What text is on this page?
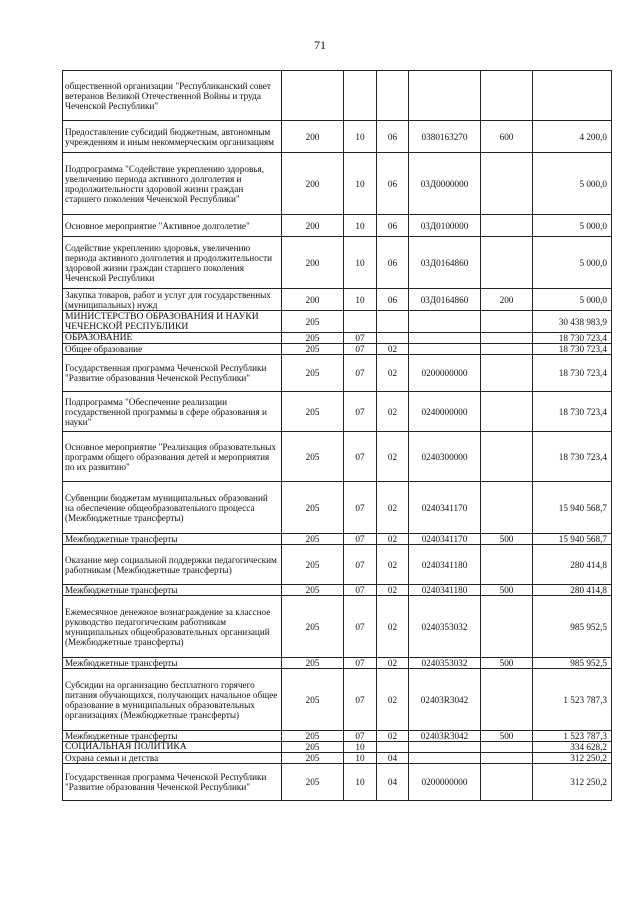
71
общественной организации "Республиканский совет ветеранов Великой Отечественной Войны и труда Чеченской Республики"						
Предоставление субсидий бюджетным, автономным учреждениям и иным некоммерческим организациям	200	10	06	0380163270	600	4 200,0
Подпрограмма "Содействие укреплению здоровья, увеличению периода активного долголетия и продолжительности здоровой жизни граждан старшего поколения Чеченской Республики"	200	10	06	03Д0000000		5 000,0
Основное мероприятие "Активное долголетие"	200	10	06	03Д0100000		5 000,0
Содействие укреплению здоровья, увеличению периода активного долголетия и продолжительности здоровой жизни граждан старшего поколения Чеченской Республики	200	10	06	03Д0164860		5 000,0
Закупка товаров, работ и услуг для государственных (муниципальных) нужд	200	10	06	03Д0164860	200	5 000,0
МИНИСТЕРСТВО ОБРАЗОВАНИЯ И НАУКИ ЧЕЧЕНСКОЙ РЕСПУБЛИКИ	205					30 438 983,9
ОБРАЗОВАНИЕ	205	07				18 730 723,4
Общее образование	205	07	02			18 730 723,4
Государственная программа Чеченской Республики "Развитие образования Чеченской Республики"	205	07	02	0200000000		18 730 723,4
Подпрограмма "Обеспечение реализации государственной программы в сфере образования и науки"	205	07	02	0240000000		18 730 723,4
Основное мероприятие "Реализация образовательных программ общего образования детей и мероприятия по их развитию"	205	07	02	0240300000		18 730 723,4
Субвенции бюджетам муниципальных образований на обеспечение общеобразовательного процесса (Межбюджетные трансферты)	205	07	02	0240341170		15 940 568,7
Межбюджетные трансферты	205	07	02	0240341170	500	15 940 568,7
Оказание мер социальной поддержки педагогическим работникам (Межбюджетные трансферты)	205	07	02	0240341180		280 414,8
Межбюджетные трансферты	205	07	02	0240341180	500	280 414,8
Ежемесячное денежное вознаграждение за классное руководство педагогическим работникам муниципальных общеобразовательных организаций (Межбюджетные трансферты)	205	07	02	0240353032		985 952,5
Межбюджетные трансферты	205	07	02	0240353032	500	985 952,5
Субсидии на организацию бесплатного горячего питания обучающихся, получающих начальное общее образование в муниципальных образовательных организациях (Межбюджетные трансферты)	205	07	02	02403R3042		1 523 787,3
Межбюджетные трансферты	205	07	02	02403R3042	500	1 523 787,3
СОЦИАЛЬНАЯ ПОЛИТИКА	205	10				334 628,2
Охрана семьи и детства	205	10	04			312 250,2
Государственная программа Чеченской Республики "Развитие образования Чеченской Республики"	205	10	04	0200000000		312 250,2
